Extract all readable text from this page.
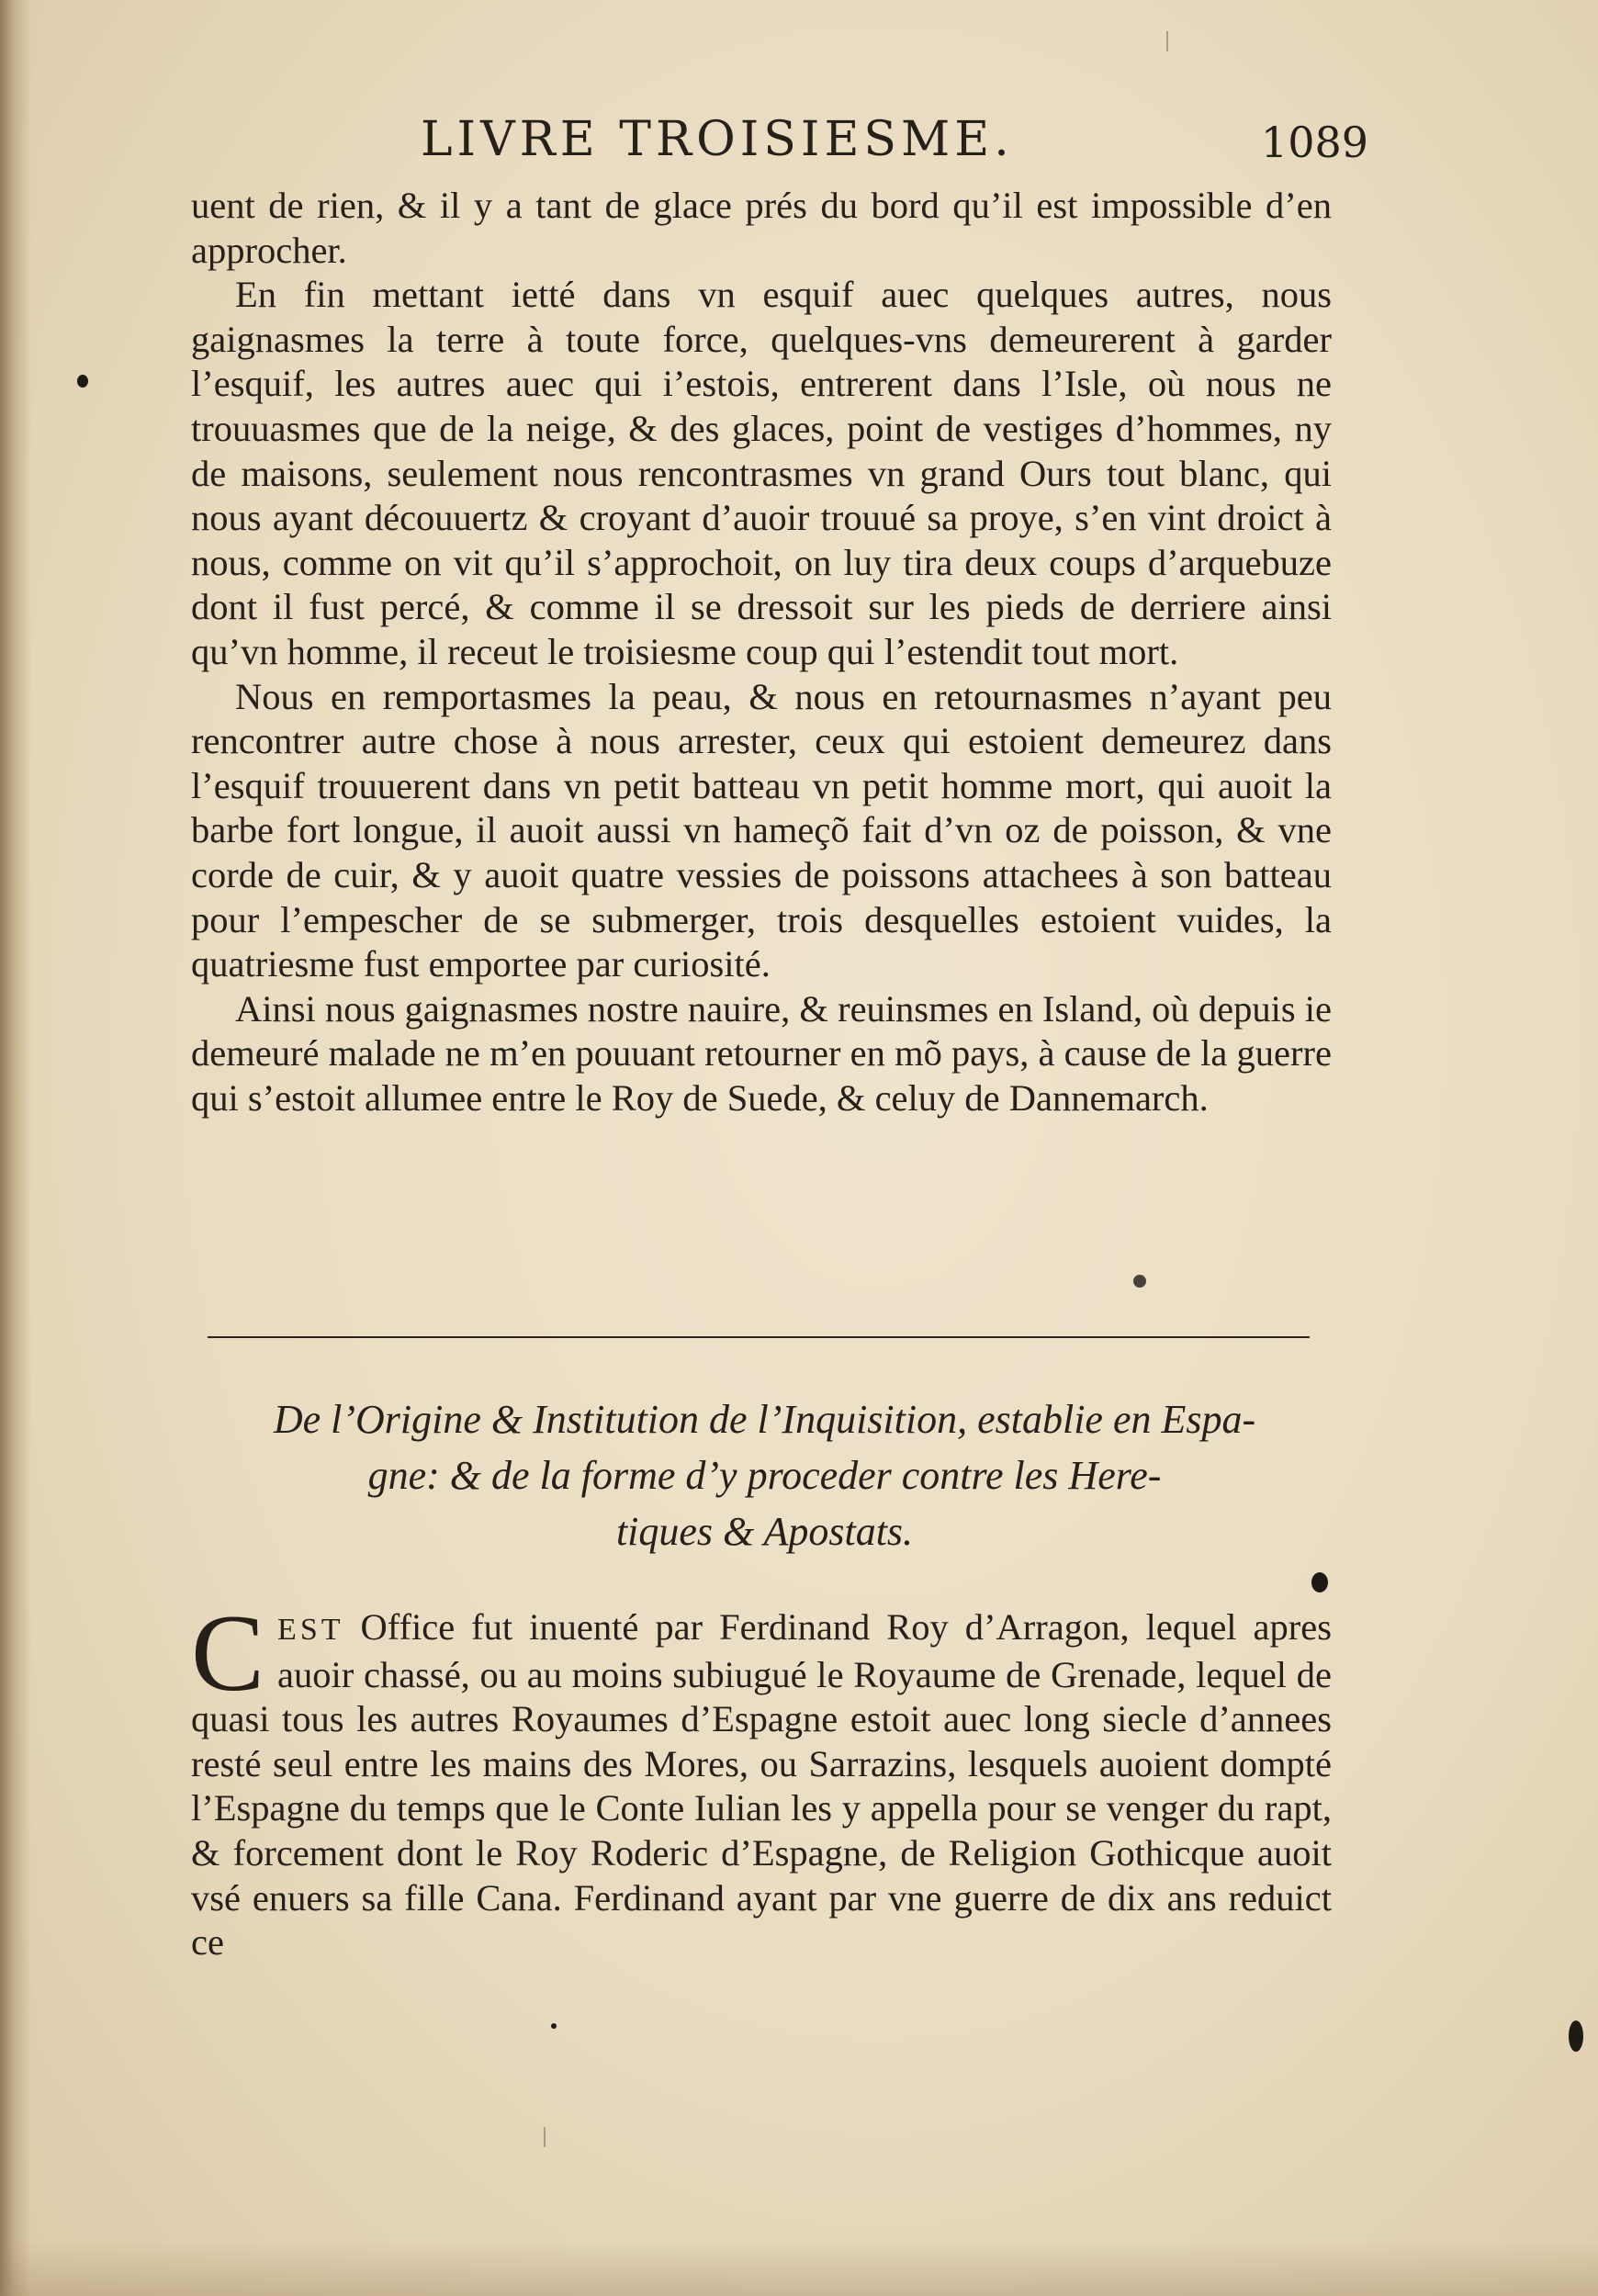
LIVRE TROISIESME.	1089

uent de rien, & il y a tant de glace prés du bord qu’il est impossible d’en approcher.

En fin mettant ietté dans vn esquif auec quelques autres, nous gaignasmes la terre à toute force, quelques-vns demeurerent à garder l’esquif, les autres auec qui i’estois, entrerent dans l’Isle, où nous ne trouuasmes que de la neige, & des glaces, point de vestiges d’hommes, ny de maisons, seulement nous rencontrasmes vn grand Ours tout blanc, qui nous ayant découuertz & croyant d’auoir trouué sa proye, s’en vint droict à nous, comme on vit qu’il s’approchoit, on luy tira deux coups d’arquebuze dont il fust percé, & comme il se dressoit sur les pieds de derriere ainsi qu’vn homme, il receut le troisiesme coup qui l’estendit tout mort.

Nous en remportasmes la peau, & nous en retournasmes n’ayant peu rencontrer autre chose à nous arrester, ceux qui estoient demeurez dans l’esquif trouuerent dans vn petit batteau vn petit homme mort, qui auoit la barbe fort longue, il auoit aussi vn hameçõ fait d’vn oz de poisson, & vne corde de cuir, & y auoit quatre vessies de poissons attachees à son batteau pour l’empescher de se submerger, trois desquelles estoient vuides, la quatriesme fust emportee par curiosité.

Ainsi nous gaignasmes nostre nauire, & reuinsmes en Island, où depuis ie demeuré malade ne m’en pouuant retourner en mõ pays, à cause de la guerre qui s’estoit allumee entre le Roy de Suede, & celuy de Dannemarch.

De l’Origine & Institution de l’Inquisition, establie en Espa-
gne: & de la forme d’y proceder contre les Here-
tiques & Apostats.

CEST Office fut inuenté par Ferdinand Roy d’Arragon, lequel apres auoir chassé, ou au moins subiugué le Royaume de Grenade, lequel de quasi tous les autres Royaumes d’Espagne estoit auec long siecle d’annees resté seul entre les mains des Mores, ou Sarrazins, lesquels auoient dompté l’Espagne du temps que le Conte Iulian les y appella pour se venger du rapt, & forcement dont le Roy Roderic d’Espagne, de Religion Gothicque auoit vsé enuers sa fille Cana. Ferdinand ayant par vne guerre de dix ans reduict ce
